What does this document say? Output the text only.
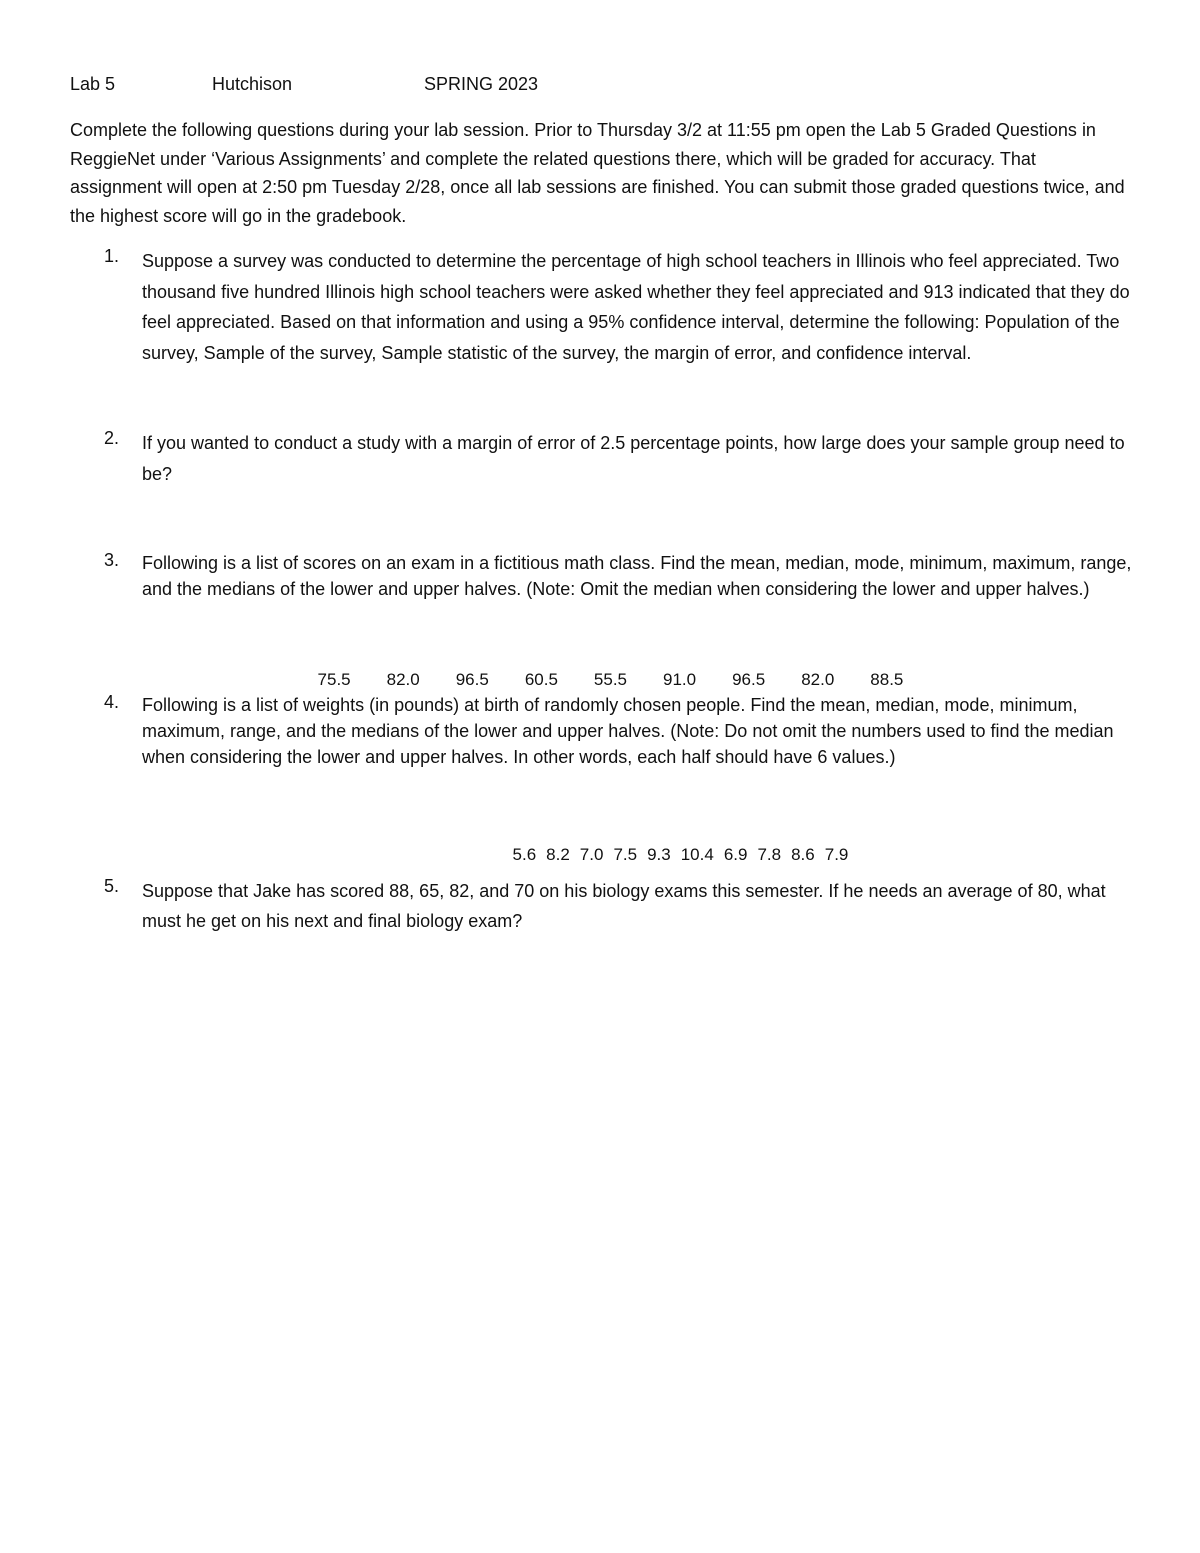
Lab 5	Hutchison	SPRING 2023

Complete the following questions during your lab session. Prior to Thursday 3/2 at 11:55 pm open the Lab 5 Graded Questions in ReggieNet under ‘Various Assignments’ and complete the related questions there, which will be graded for accuracy. That assignment will open at 2:50 pm Tuesday 2/28, once all lab sessions are finished. You can submit those graded questions twice, and the highest score will go in the gradebook.

1.	Suppose a survey was conducted to determine the percentage of high school teachers in Illinois who feel appreciated. Two thousand five hundred Illinois high school teachers were asked whether they feel appreciated and 913 indicated that they do feel appreciated. Based on that information and using a 95% confidence interval, determine the following: Population of the survey, Sample of the survey, Sample statistic of the survey, the margin of error, and confidence interval.
2.	If you wanted to conduct a study with a margin of error of 2.5 percentage points, how large does your sample group need to be?
3.	Following is a list of scores on an exam in a fictitious math class. Find the mean, median, mode, minimum, maximum, range, and the medians of the lower and upper halves. (Note: Omit the median when considering the lower and upper halves.)

75.5 82.0 96.5 60.5 55.5 91.0 96.5 82.0 88.5

4.	Following is a list of weights (in pounds) at birth of randomly chosen people. Find the mean, median, mode, minimum, maximum, range, and the medians of the lower and upper halves. (Note: Do not omit the numbers used to find the median when considering the lower and upper halves. In other words, each half should have 6 values.)

5.6 8.2 7.0 7.5 9.3 10.4 6.9 7.8 8.6 7.9

5.	Suppose that Jake has scored 88, 65, 82, and 70 on his biology exams this semester. If he needs an average of 80, what must he get on his next and final biology exam?
